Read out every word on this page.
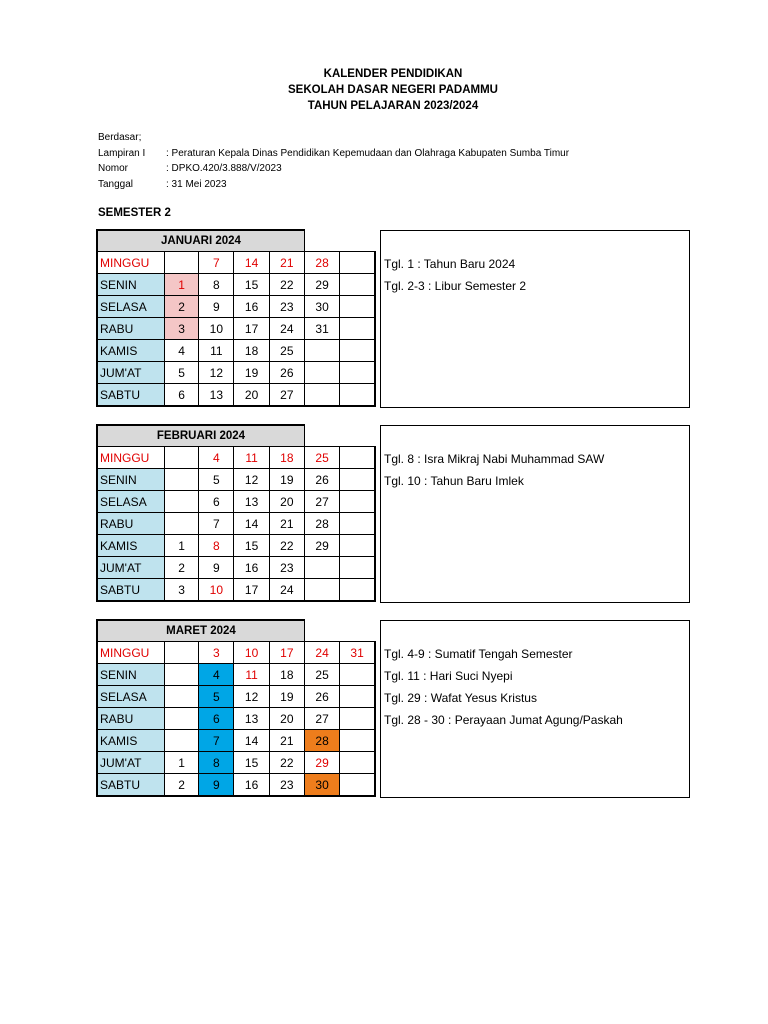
KALENDER PENDIDIKAN
SEKOLAH DASAR NEGERI PADAMMU
TAHUN PELAJARAN 2023/2024
Berdasar;
Lampiran I	: Peraturan Kepala Dinas Pendidikan Kepemudaan dan Olahraga Kabupaten Sumba Timur
Nomor	: DPKO.420/3.888/V/2023
Tanggal	: 31 Mei 2023
SEMESTER 2
JANUARI 2024						
MINGGU		7	14	21	28	
SENIN	1	8	15	22	29	
SELASA	2	9	16	23	30	
RABU	3	10	17	24	31	
KAMIS	4	11	18	25		
JUM'AT	5	12	19	26		
SABTU	6	13	20	27		
Tgl. 1 : Tahun Baru 2024
Tgl. 2-3 : Libur Semester 2
FEBRUARI 2024						
MINGGU		4	11	18	25	
SENIN		5	12	19	26	
SELASA		6	13	20	27	
RABU		7	14	21	28	
KAMIS	1	8	15	22	29	
JUM'AT	2	9	16	23		
SABTU	3	10	17	24		
Tgl. 8 : Isra Mikraj Nabi Muhammad SAW
Tgl. 10 : Tahun Baru Imlek
MARET 2024						
MINGGU		3	10	17	24	31
SENIN		4	11	18	25	
SELASA		5	12	19	26	
RABU		6	13	20	27	
KAMIS		7	14	21	28	
JUM'AT	1	8	15	22	29	
SABTU	2	9	16	23	30	
Tgl. 4-9 : Sumatif Tengah Semester
Tgl. 11 : Hari Suci Nyepi
Tgl. 29 : Wafat Yesus Kristus
Tgl. 28 - 30 : Perayaan Jumat Agung/Paskah
